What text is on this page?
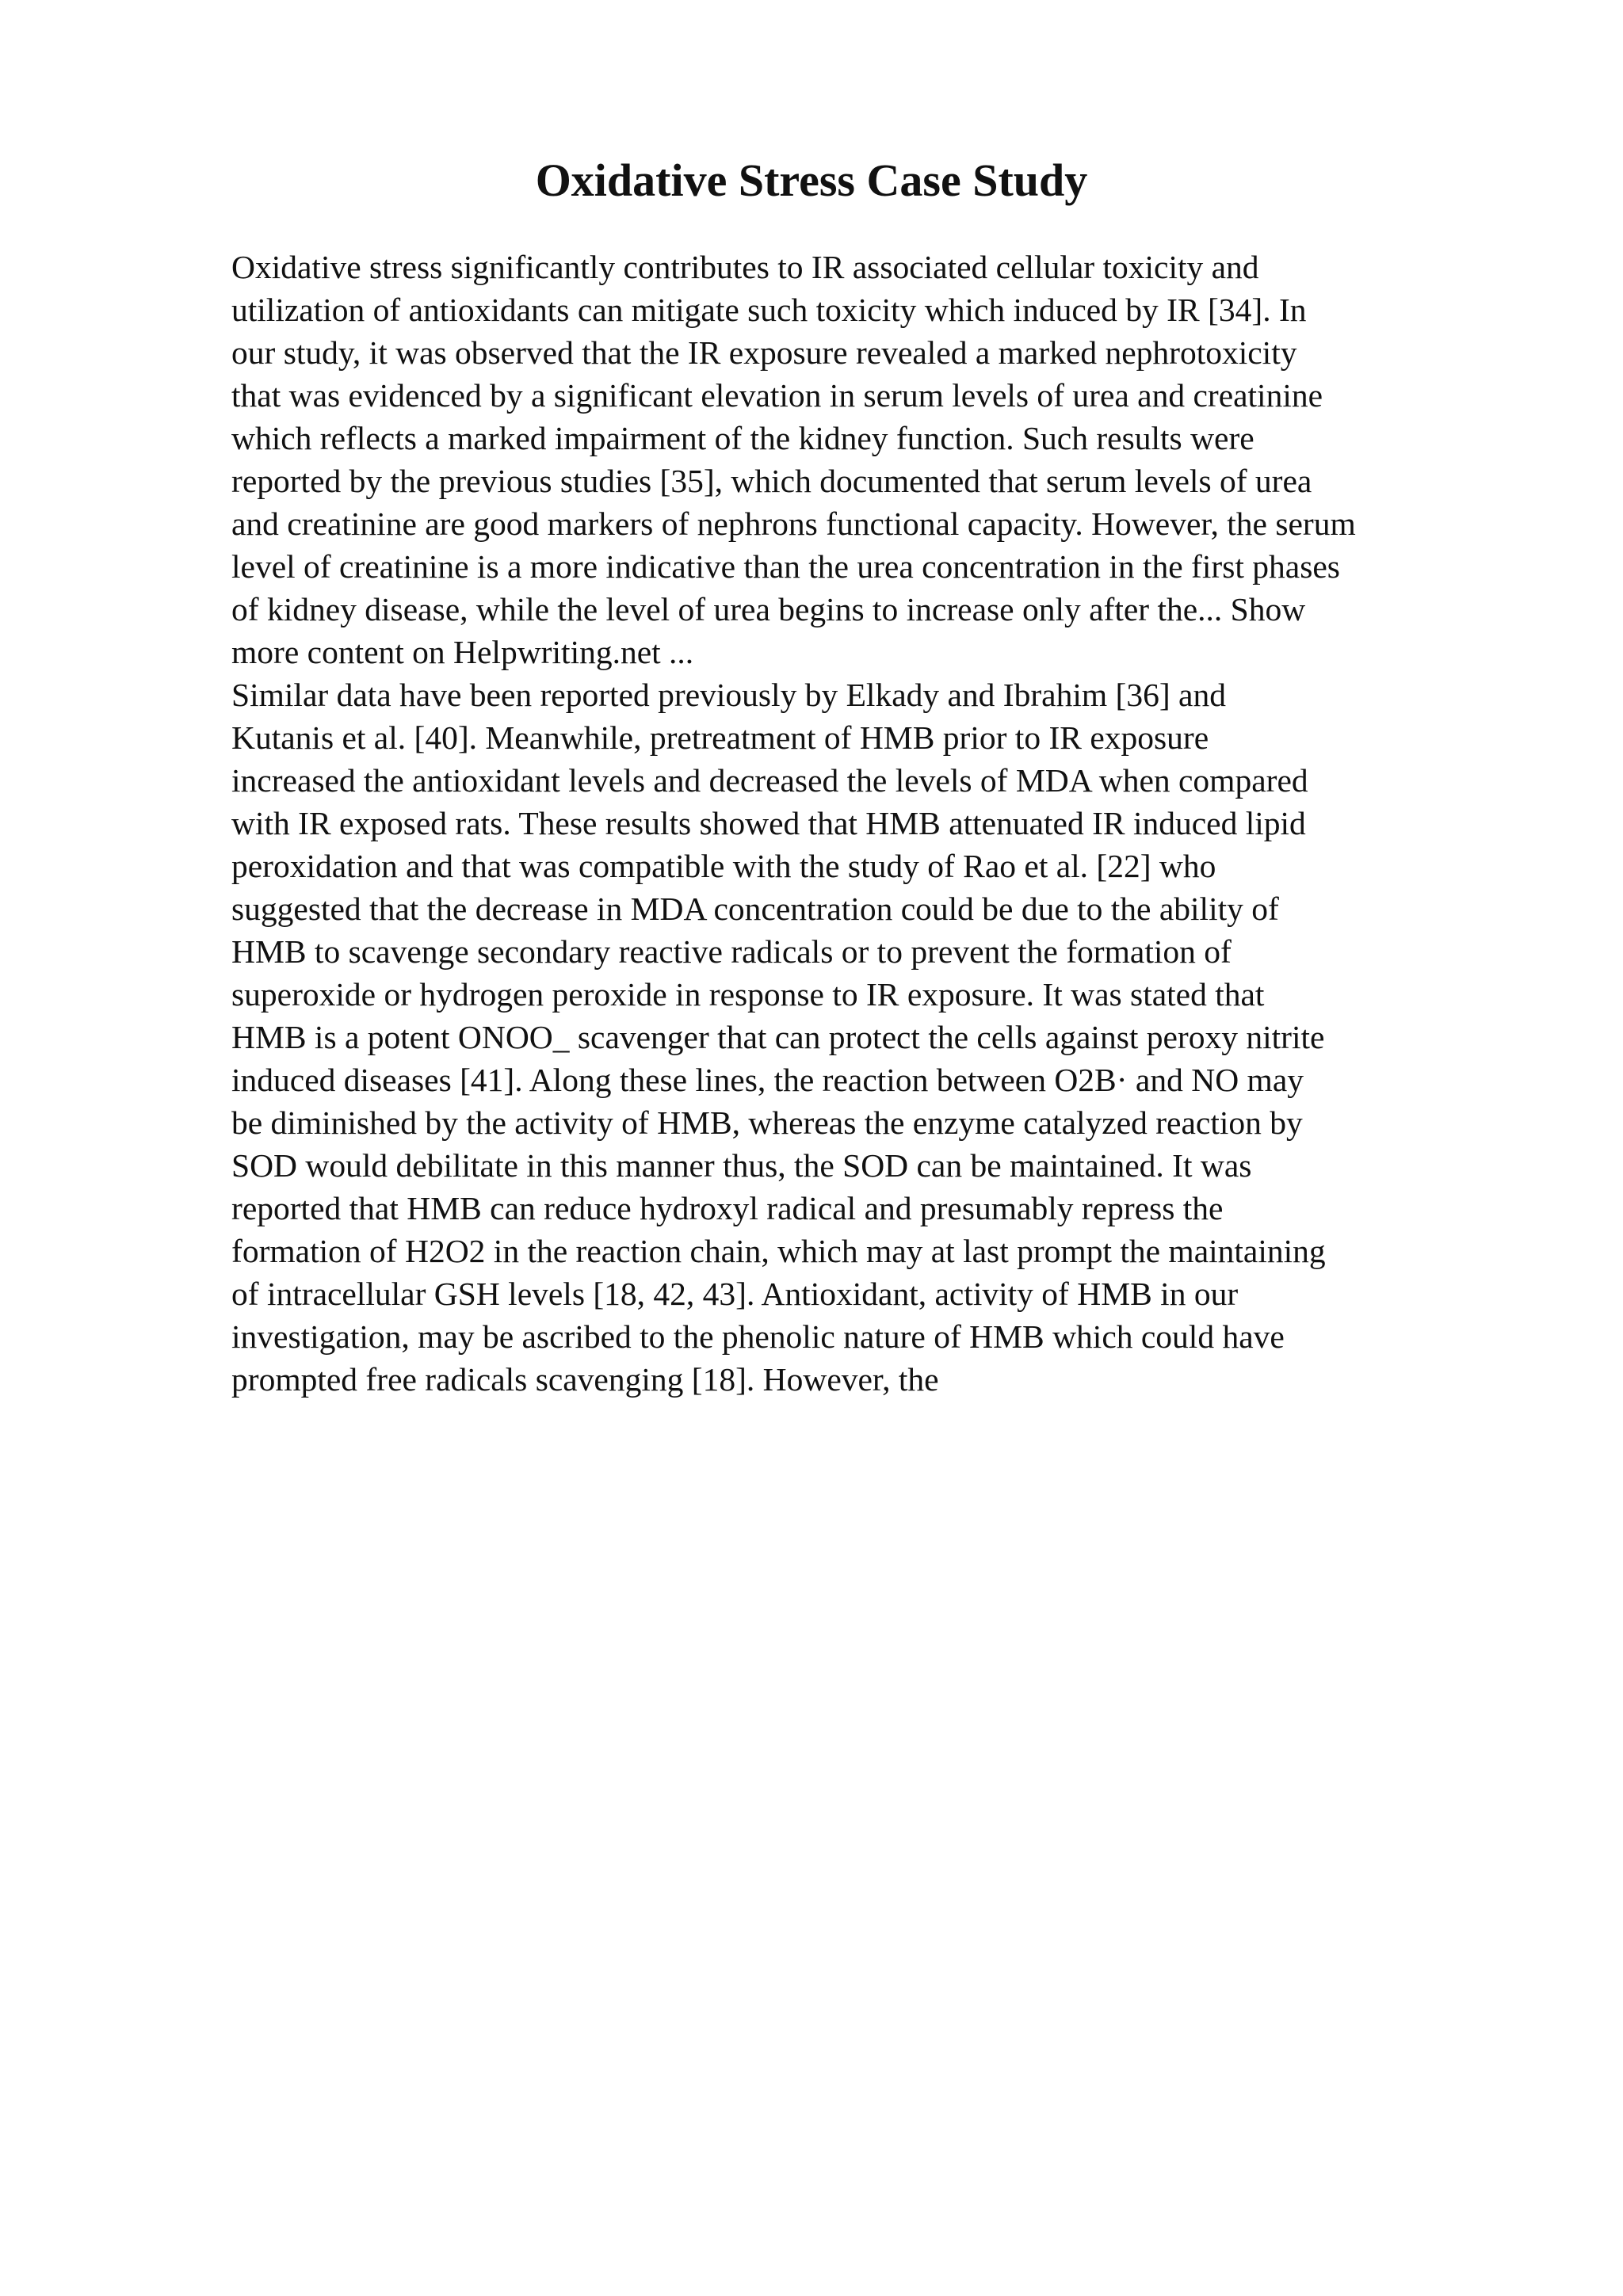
Oxidative Stress Case Study
Oxidative stress significantly contributes to IR associated cellular toxicity and
utilization of antioxidants can mitigate such toxicity which induced by IR [34]. In
our study, it was observed that the IR exposure revealed a marked nephrotoxicity
that was evidenced by a significant elevation in serum levels of urea and creatinine
which reflects a marked impairment of the kidney function. Such results were
reported by the previous studies [35], which documented that serum levels of urea
and creatinine are good markers of nephrons functional capacity. However, the serum
level of creatinine is a more indicative than the urea concentration in the first phases
of kidney disease, while the level of urea begins to increase only after the... Show
more content on Helpwriting.net ...
Similar data have been reported previously by Elkady and Ibrahim [36] and
Kutanis et al. [40]. Meanwhile, pretreatment of HMB prior to IR exposure
increased the antioxidant levels and decreased the levels of MDA when compared
with IR exposed rats. These results showed that HMB attenuated IR induced lipid
peroxidation and that was compatible with the study of Rao et al. [22] who
suggested that the decrease in MDA concentration could be due to the ability of
HMB to scavenge secondary reactive radicals or to prevent the formation of
superoxide or hydrogen peroxide in response to IR exposure. It was stated that
HMB is a potent ONOO_ scavenger that can protect the cells against peroxy nitrite
induced diseases [41]. Along these lines, the reaction between O2B· and NO may
be diminished by the activity of HMB, whereas the enzyme catalyzed reaction by
SOD would debilitate in this manner thus, the SOD can be maintained. It was
reported that HMB can reduce hydroxyl radical and presumably repress the
formation of H2O2 in the reaction chain, which may at last prompt the maintaining
of intracellular GSH levels [18, 42, 43]. Antioxidant, activity of HMB in our
investigation, may be ascribed to the phenolic nature of HMB which could have
prompted free radicals scavenging [18]. However, the
